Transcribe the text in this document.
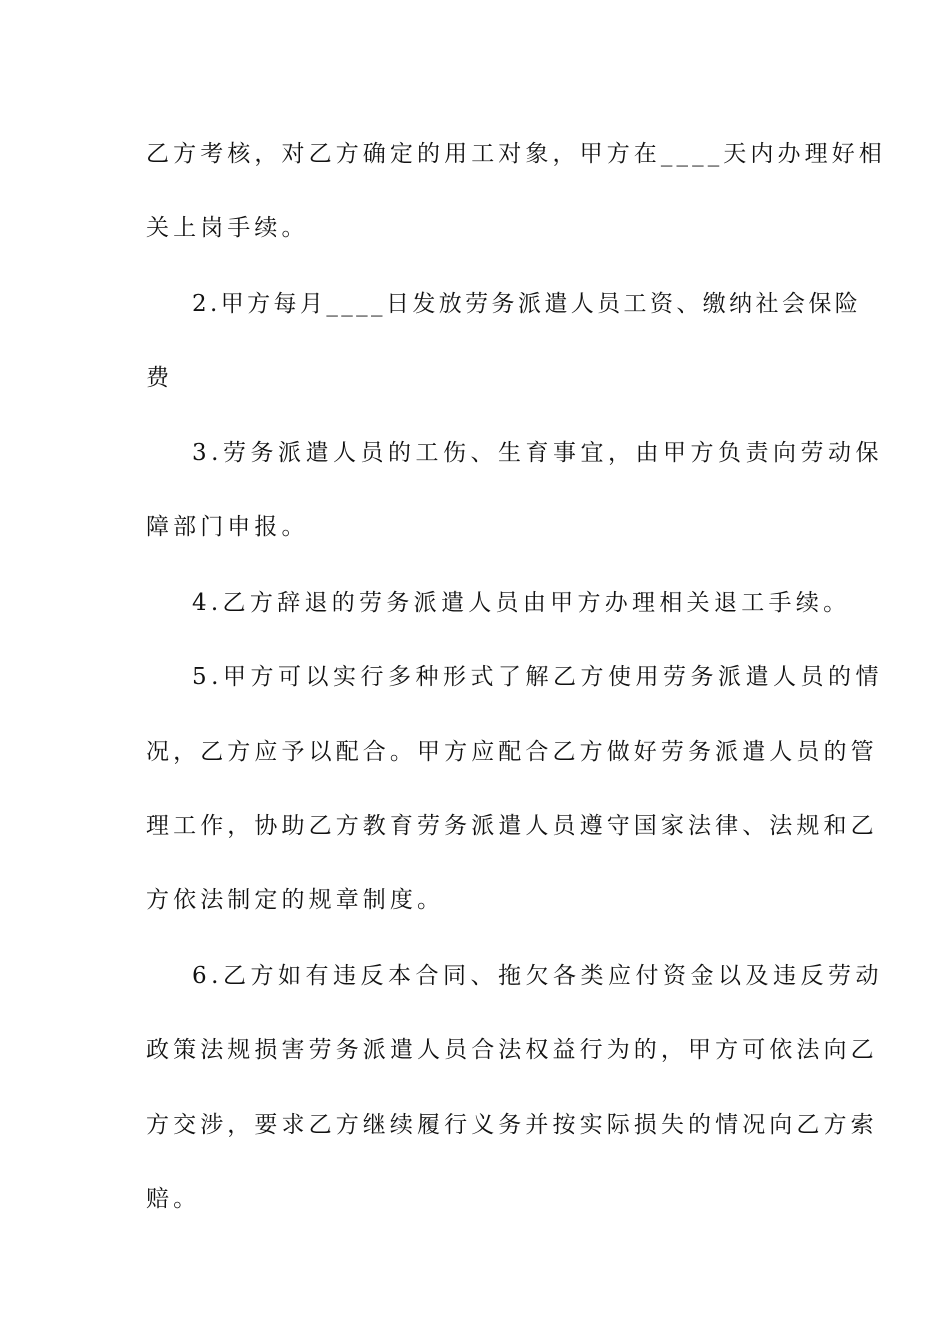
乙方考核，对乙方确定的用工对象，甲方在____天内办理好相
关上岗手续。
2.甲方每月____日发放劳务派遣人员工资、缴纳社会保险
费
3.劳务派遣人员的工伤、生育事宜，由甲方负责向劳动保
障部门申报。
4.乙方辞退的劳务派遣人员由甲方办理相关退工手续。
5.甲方可以实行多种形式了解乙方使用劳务派遣人员的情
况，乙方应予以配合。甲方应配合乙方做好劳务派遣人员的管
理工作，协助乙方教育劳务派遣人员遵守国家法律、法规和乙
方依法制定的规章制度。
6.乙方如有违反本合同、拖欠各类应付资金以及违反劳动
政策法规损害劳务派遣人员合法权益行为的，甲方可依法向乙
方交涉，要求乙方继续履行义务并按实际损失的情况向乙方索
赔。
